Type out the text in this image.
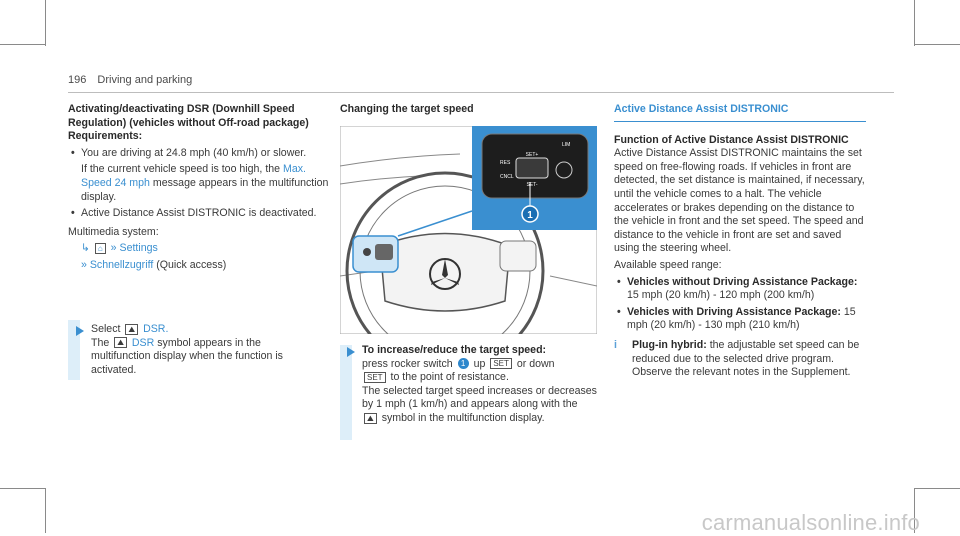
196 Driving and parking
Activating/deactivating DSR (Downhill Speed Regulation) (vehicles without Off-road package)
Requirements:
• You are driving at 24.8 mph (40 km/h) or slower.
If the current vehicle speed is too high, the Max. Speed 24 mph message appears in the multifunction display.
• Active Distance Assist DISTRONIC is deactivated.
Multimedia system:
↳ ⌂ » Settings
» Schnellzugriff (Quick access)
Select ⛰ DSR.
The ⛰ DSR symbol appears in the multifunction display when the function is activated.
Changing the target speed
SET+
SET-
RES
CNCL
LIM
1
To increase/reduce the target speed:
press rocker switch 1 up SET or down
SET to the point of resistance.
The selected target speed increases or decreases by 1 mph (1 km/h) and appears along with the ⛰ symbol in the multifunction display.
Active Distance Assist DISTRONIC
Function of Active Distance Assist DISTRONIC
Active Distance Assist DISTRONIC maintains the set speed on free-flowing roads. If vehicles in front are detected, the set distance is maintained, if necessary, until the vehicle comes to a halt. The vehicle accelerates or brakes depending on the distance to the vehicle in front and the set speed. The speed and distance to the vehicle in front are set and saved using the steering wheel.
Available speed range:
• Vehicles without Driving Assistance Package: 15 mph (20 km/h) - 120 mph (200 km/h)
• Vehicles with Driving Assistance Package: 15 mph (20 km/h) - 130 mph (210 km/h)
i Plug-in hybrid: the adjustable set speed can be reduced due to the selected drive program. Observe the relevant notes in the Supplement.
carmanualsonline.info
